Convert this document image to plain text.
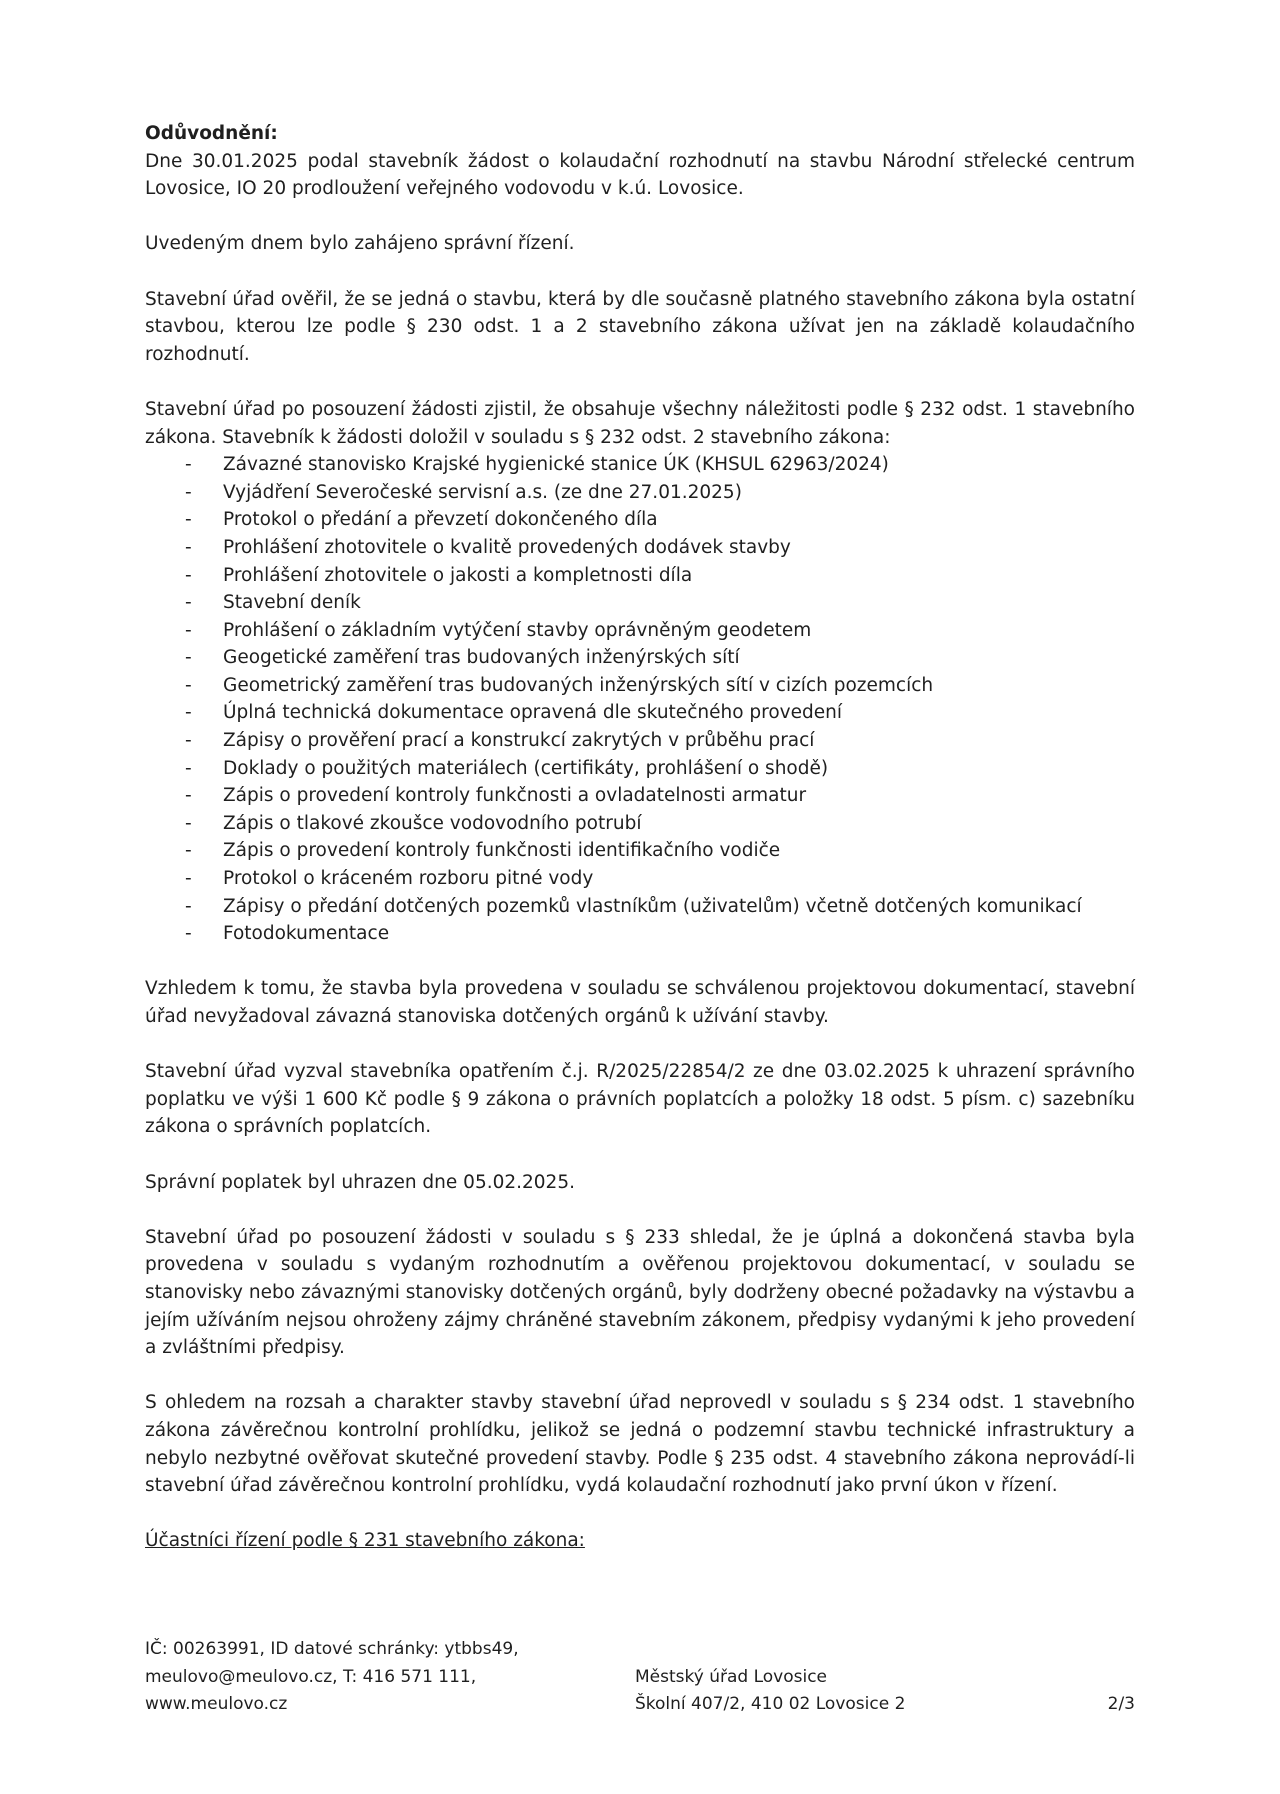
Odůvodnění:

Dne 30.01.2025 podal stavebník žádost o kolaudační rozhodnutí na stavbu Národní střelecké centrum Lovosice, IO 20 prodloužení veřejného vodovodu v k.ú. Lovosice.

Uvedeným dnem bylo zahájeno správní řízení.

Stavební úřad ověřil, že se jedná o stavbu, která by dle současně platného stavebního zákona byla ostatní stavbou, kterou lze podle § 230 odst. 1 a 2 stavebního zákona užívat jen na základě kolaudačního rozhodnutí.

Stavební úřad po posouzení žádosti zjistil, že obsahuje všechny náležitosti podle § 232 odst. 1 stavebního zákona. Stavebník k žádosti doložil v souladu s § 232 odst. 2 stavebního zákona:

- Závazné stanovisko Krajské hygienické stanice ÚK (KHSUL 62963/2024)
- Vyjádření Severočeské servisní a.s. (ze dne 27.01.2025)
- Protokol o předání a převzetí dokončeného díla
- Prohlášení zhotovitele o kvalitě provedených dodávek stavby
- Prohlášení zhotovitele o jakosti a kompletnosti díla
- Stavební deník
- Prohlášení o základním vytýčení stavby oprávněným geodetem
- Geogetické zaměření tras budovaných inženýrských sítí
- Geometrický zaměření tras budovaných inženýrských sítí v cizích pozemcích
- Úplná technická dokumentace opravená dle skutečného provedení
- Zápisy o prověření prací a konstrukcí zakrytých v průběhu prací
- Doklady o použitých materiálech (certifikáty, prohlášení o shodě)
- Zápis o provedení kontroly funkčnosti a ovladatelnosti armatur
- Zápis o tlakové zkoušce vodovodního potrubí
- Zápis o provedení kontroly funkčnosti identifikačního vodiče
- Protokol o kráceném rozboru pitné vody
- Zápisy o předání dotčených pozemků vlastníkům (uživatelům) včetně dotčených komunikací
- Fotodokumentace

Vzhledem k tomu, že stavba byla provedena v souladu se schválenou projektovou dokumentací, stavební úřad nevyžadoval závazná stanoviska dotčených orgánů k užívání stavby.

Stavební úřad vyzval stavebníka opatřením č.j. R/2025/22854/2 ze dne 03.02.2025 k uhrazení správního poplatku ve výši 1 600 Kč podle § 9 zákona o právních poplatcích a položky 18 odst. 5 písm. c) sazebníku zákona o správních poplatcích.

Správní poplatek byl uhrazen dne 05.02.2025.

Stavební úřad po posouzení žádosti v souladu s § 233 shledal, že je úplná a dokončená stavba byla provedena v souladu s vydaným rozhodnutím a ověřenou projektovou dokumentací, v souladu se stanovisky nebo závaznými stanovisky dotčených orgánů, byly dodrženy obecné požadavky na výstavbu a jejím užíváním nejsou ohroženy zájmy chráněné stavebním zákonem, předpisy vydanými k jeho provedení a zvláštními předpisy.

S ohledem na rozsah a charakter stavby stavební úřad neprovedl v souladu s § 234 odst. 1 stavebního zákona závěrečnou kontrolní prohlídku, jelikož se jedná o podzemní stavbu technické infrastruktury a nebylo nezbytné ověřovat skutečné provedení stavby. Podle § 235 odst. 4 stavebního zákona neprovádí-li stavební úřad závěrečnou kontrolní prohlídku, vydá kolaudační rozhodnutí jako první úkon v řízení.

Účastníci řízení podle § 231 stavebního zákona:

IČ: 00263991, ID datové schránky: ytbbs49,

meulovo@meulovo.cz, T: 416 571 111,

www.meulovo.cz

Městský úřad Lovosice

Školní 407/2, 410 02 Lovosice 2	2/3
